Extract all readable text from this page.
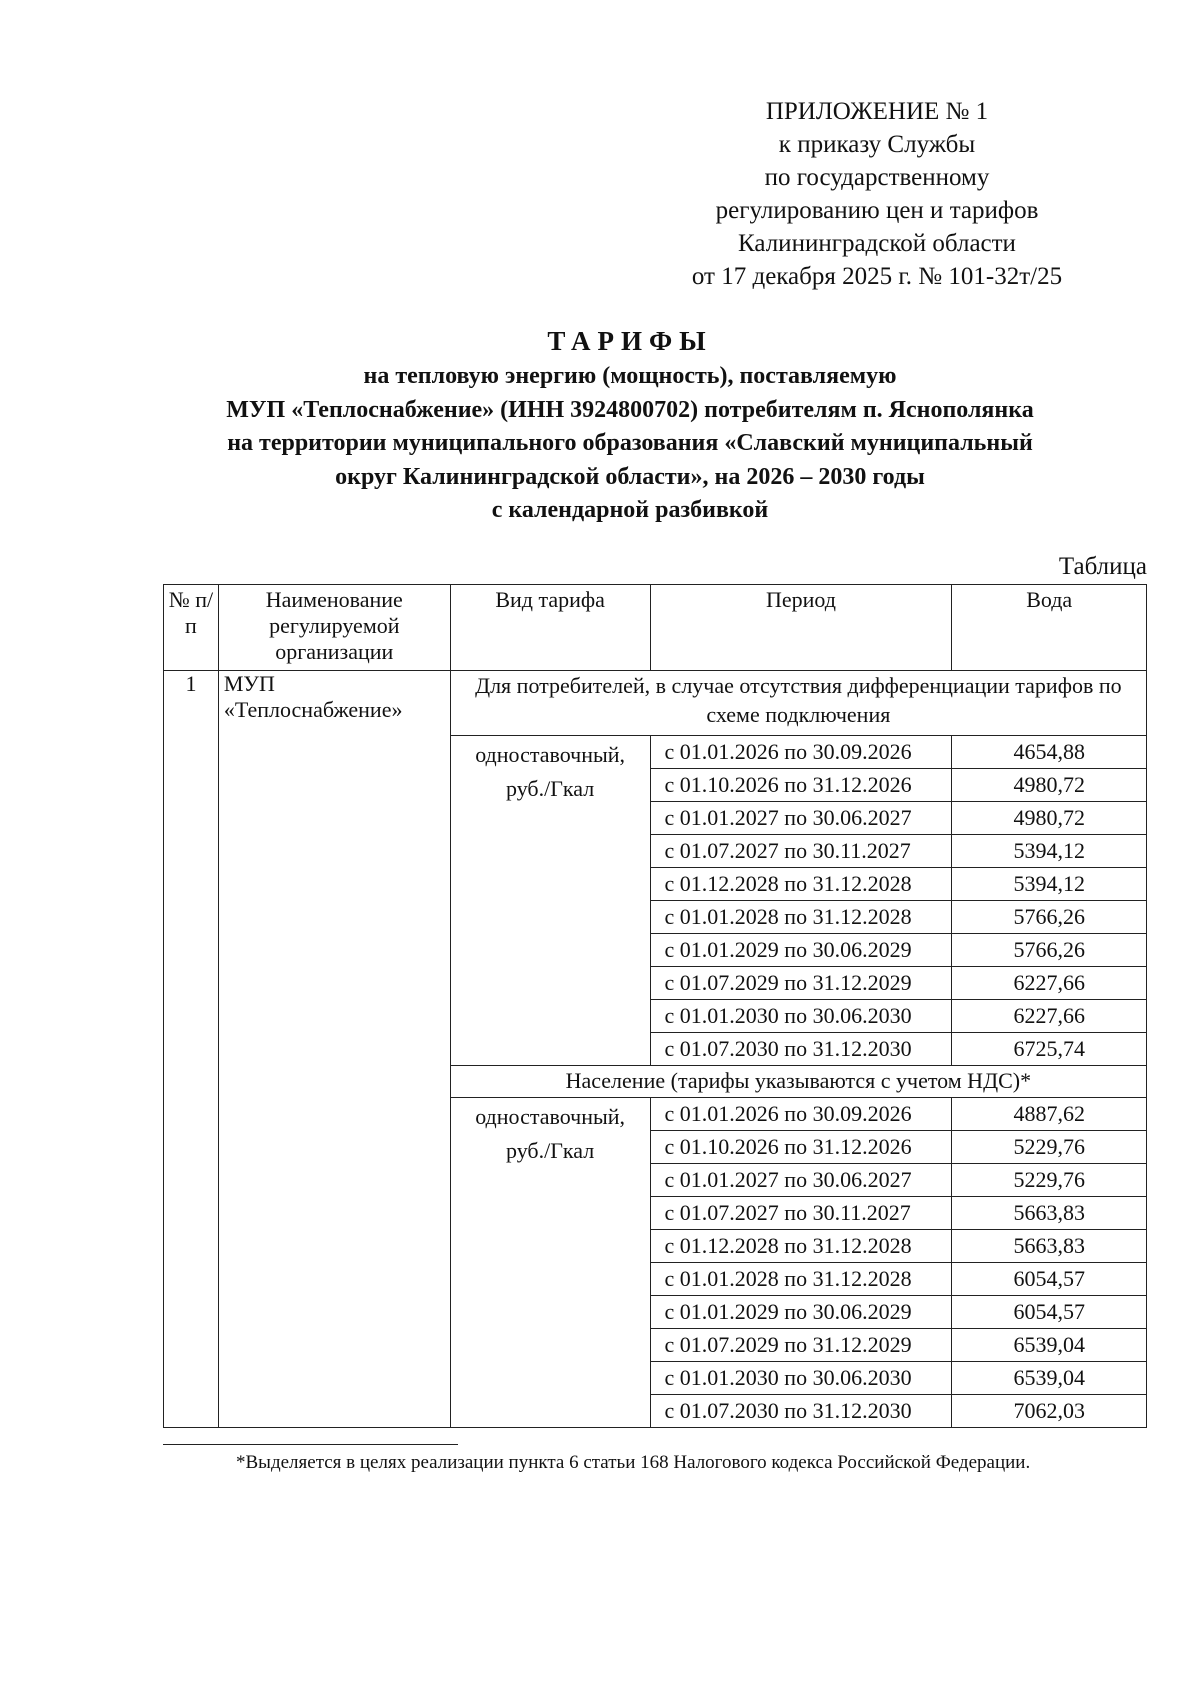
ПРИЛОЖЕНИЕ № 1
к приказу Службы
по государственному
регулированию цен и тарифов
Калининградской области
от 17 декабря 2025 г. № 101-32т/25
ТАРИФЫ
на тепловую энергию (мощность), поставляемую
МУП «Теплоснабжение» (ИНН 3924800702) потребителям п. Яснополянка
на территории муниципального образования «Славский муниципальный
округ Калининградской области», на 2026 – 2030 годы
с календарной разбивкой
Таблица
№ п/п	Наименование регулируемой организации	Вид тарифа	Период	Вода
1	МУП «Теплоснабжение»	Для потребителей, в случае отсутствия дифференциации тарифов по схеме подключения		
		одноставочный, руб./Гкал	с 01.01.2026 по 30.09.2026	4654,88
			с 01.10.2026 по 31.12.2026	4980,72
			с 01.01.2027 по 30.06.2027	4980,72
			с 01.07.2027 по 30.11.2027	5394,12
			с 01.12.2028 по 31.12.2028	5394,12
			с 01.01.2028 по 31.12.2028	5766,26
			с 01.01.2029 по 30.06.2029	5766,26
			с 01.07.2029 по 31.12.2029	6227,66
			с 01.01.2030 по 30.06.2030	6227,66
			с 01.07.2030 по 31.12.2030	6725,74
		Население (тарифы указываются с учетом НДС)*		
		одноставочный, руб./Гкал	с 01.01.2026 по 30.09.2026	4887,62
			с 01.10.2026 по 31.12.2026	5229,76
			с 01.01.2027 по 30.06.2027	5229,76
			с 01.07.2027 по 30.11.2027	5663,83
			с 01.12.2028 по 31.12.2028	5663,83
			с 01.01.2028 по 31.12.2028	6054,57
			с 01.01.2029 по 30.06.2029	6054,57
			с 01.07.2029 по 31.12.2029	6539,04
			с 01.01.2030 по 30.06.2030	6539,04
			с 01.07.2030 по 31.12.2030	7062,03
*Выделяется в целях реализации пункта 6 статьи 168 Налогового кодекса Российской Федерации.
